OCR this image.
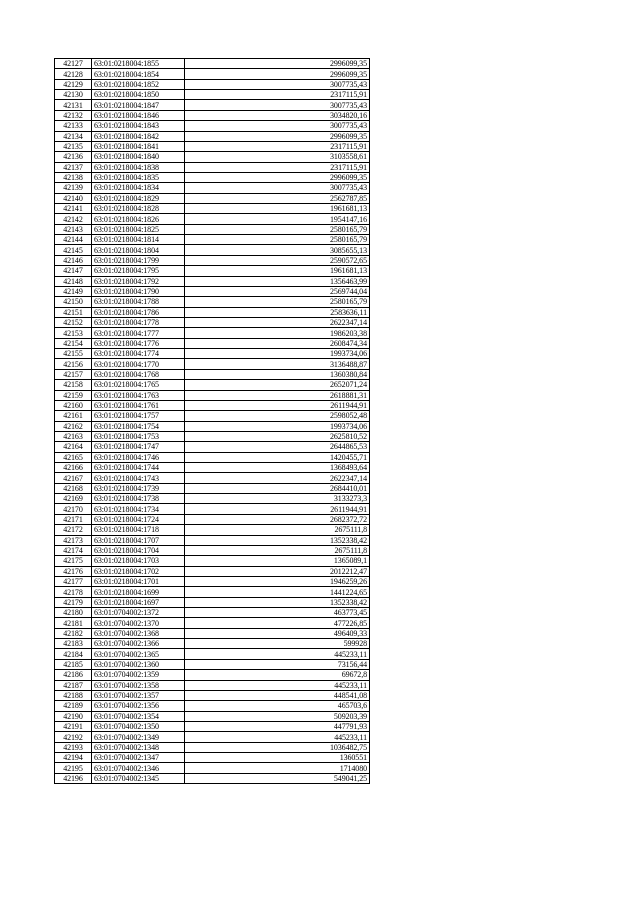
42127	63:01:0218004:1855	2996099,35
42128	63:01:0218004:1854	2996099,35
42129	63:01:0218004:1852	3007735,43
42130	63:01:0218004:1850	2317115,91
42131	63:01:0218004:1847	3007735,43
42132	63:01:0218004:1846	3034820,16
42133	63:01:0218004:1843	3007735,43
42134	63:01:0218004:1842	2996099,35
42135	63:01:0218004:1841	2317115,91
42136	63:01:0218004:1840	3103558,61
42137	63:01:0218004:1838	2317115,91
42138	63:01:0218004:1835	2996099,35
42139	63:01:0218004:1834	3007735,43
42140	63:01:0218004:1829	2562787,85
42141	63:01:0218004:1828	1961681,13
42142	63:01:0218004:1826	1954147,16
42143	63:01:0218004:1825	2580165,79
42144	63:01:0218004:1814	2580165,79
42145	63:01:0218004:1804	3085655,13
42146	63:01:0218004:1799	2590572,65
42147	63:01:0218004:1795	1961681,13
42148	63:01:0218004:1792	1356463,99
42149	63:01:0218004:1790	2569744,04
42150	63:01:0218004:1788	2580165,79
42151	63:01:0218004:1786	2583636,11
42152	63:01:0218004:1778	2622347,14
42153	63:01:0218004:1777	1986203,38
42154	63:01:0218004:1776	2608474,34
42155	63:01:0218004:1774	1993734,06
42156	63:01:0218004:1770	3136488,87
42157	63:01:0218004:1768	1360380,84
42158	63:01:0218004:1765	2652071,24
42159	63:01:0218004:1763	2618881,31
42160	63:01:0218004:1761	2611944,91
42161	63:01:0218004:1757	2598052,48
42162	63:01:0218004:1754	1993734,06
42163	63:01:0218004:1753	2625810,52
42164	63:01:0218004:1747	2644865,53
42165	63:01:0218004:1746	1420455,71
42166	63:01:0218004:1744	1368493,64
42167	63:01:0218004:1743	2622347,14
42168	63:01:0218004:1739	2684410,01
42169	63:01:0218004:1738	3133273,3
42170	63:01:0218004:1734	2611944,91
42171	63:01:0218004:1724	2682372,72
42172	63:01:0218004:1718	2675111,8
42173	63:01:0218004:1707	1352338,42
42174	63:01:0218004:1704	2675111,8
42175	63:01:0218004:1703	1365089,1
42176	63:01:0218004:1702	2012212,47
42177	63:01:0218004:1701	1946259,26
42178	63:01:0218004:1699	1441224,65
42179	63:01:0218004:1697	1352338,42
42180	63:01:0704002:1372	463773,45
42181	63:01:0704002:1370	477226,85
42182	63:01:0704002:1368	496409,33
42183	63:01:0704002:1366	599928
42184	63:01:0704002:1365	445233,11
42185	63:01:0704002:1360	73156,44
42186	63:01:0704002:1359	69672,8
42187	63:01:0704002:1358	445233,11
42188	63:01:0704002:1357	448541,08
42189	63:01:0704002:1356	465703,6
42190	63:01:0704002:1354	509203,39
42191	63:01:0704002:1350	447791,93
42192	63:01:0704002:1349	445233,11
42193	63:01:0704002:1348	1036482,75
42194	63:01:0704002:1347	1360551
42195	63:01:0704002:1346	1714080
42196	63:01:0704002:1345	549041,25
